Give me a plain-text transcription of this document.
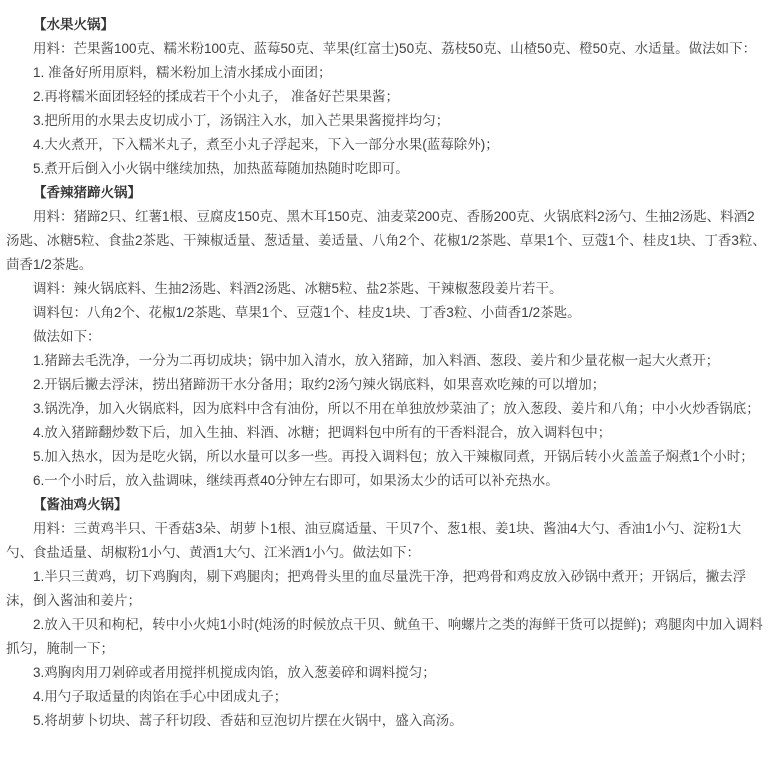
【水果火锅】

用料：芒果酱100克、糯米粉100克、蓝莓50克、苹果(红富士)50克、荔枝50克、山楂50克、橙50克、水适量。做法如下：

1. 准备好所用原料，糯米粉加上清水揉成小面团；

2.再将糯米面团轻轻的揉成若干个小丸子， 准备好芒果果酱；

3.把所用的水果去皮切成小丁，汤锅注入水，加入芒果果酱搅拌均匀；

4.大火煮开，下入糯米丸子，煮至小丸子浮起来，下入一部分水果(蓝莓除外)；

5.煮开后倒入小火锅中继续加热，加热蓝莓随加热随时吃即可。

【香辣猪蹄火锅】

用料：猪蹄2只、红薯1根、豆腐皮150克、黑木耳150克、油麦菜200克、香肠200克、火锅底料2汤勺、生抽2汤匙、料酒2汤匙、冰糖5粒、食盐2茶匙、干辣椒适量、葱适量、姜适量、八角2个、花椒1/2茶匙、草果1个、豆蔻1个、桂皮1块、丁香3粒、茴香1/2茶匙。

调料：辣火锅底料、生抽2汤匙、料酒2汤匙、冰糖5粒、盐2茶匙、干辣椒葱段姜片若干。

调料包：八角2个、花椒1/2茶匙、草果1个、豆蔻1个、桂皮1块、丁香3粒、小茴香1/2茶匙。

做法如下：

1.猪蹄去毛洗净，一分为二再切成块；锅中加入清水，放入猪蹄，加入料酒、葱段、姜片和少量花椒一起大火煮开；

2.开锅后撇去浮沫，捞出猪蹄沥干水分备用；取约2汤勺辣火锅底料，如果喜欢吃辣的可以增加；

3.锅洗净，加入火锅底料，因为底料中含有油份，所以不用在单独放炒菜油了；放入葱段、姜片和八角；中小火炒香锅底；

4.放入猪蹄翻炒数下后，加入生抽、料酒、冰糖；把调料包中所有的干香料混合，放入调料包中；

5.加入热水，因为是吃火锅，所以水量可以多一些。再投入调料包；放入干辣椒同煮，开锅后转小火盖盖子焖煮1个小时；

6.一个小时后，放入盐调味，继续再煮40分钟左右即可，如果汤太少的话可以补充热水。

【酱油鸡火锅】

用料：三黄鸡半只、干香菇3朵、胡萝卜1根、油豆腐适量、干贝7个、葱1根、姜1块、酱油4大勺、香油1小勺、淀粉1大勺、食盐适量、胡椒粉1小勺、黄酒1大勺、江米酒1小勺。做法如下：

1.半只三黄鸡，切下鸡胸肉，剔下鸡腿肉；把鸡骨头里的血尽量洗干净，把鸡骨和鸡皮放入砂锅中煮开；开锅后，撇去浮沫，倒入酱油和姜片；

2.放入干贝和枸杞，转中小火炖1小时(炖汤的时候放点干贝、鱿鱼干、响螺片之类的海鲜干货可以提鲜)；鸡腿肉中加入调料抓匀，腌制一下；

3.鸡胸肉用刀剁碎或者用搅拌机搅成肉馅，放入葱姜碎和调料搅匀；

4.用勺子取适量的肉馅在手心中团成丸子；

5.将胡萝卜切块、蒿子秆切段、香菇和豆泡切片摆在火锅中，盛入高汤。
